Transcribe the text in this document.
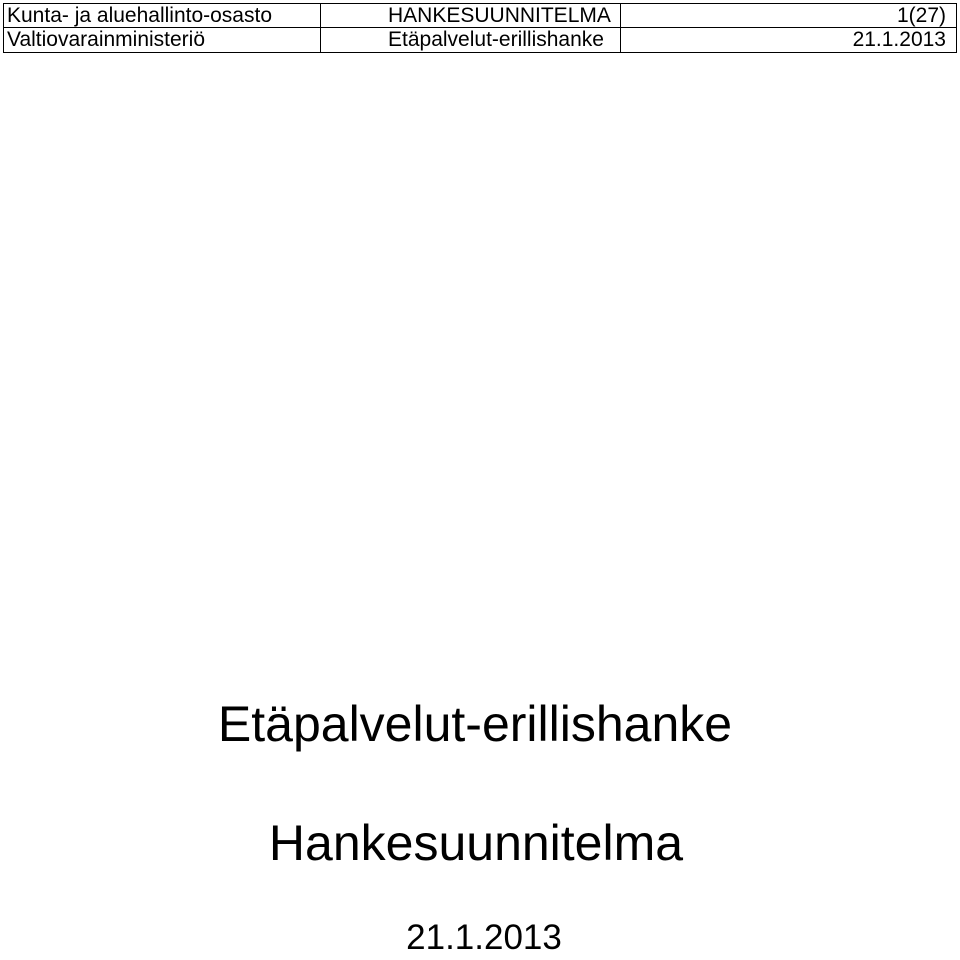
Kunta- ja aluehallinto-osasto	HANKESUUNNITELMA	1(27)
Valtiovarainministeriö	Etäpalvelut-erillishanke	21.1.2013
Etäpalvelut-erillishanke
Hankesuunnitelma
21.1.2013
